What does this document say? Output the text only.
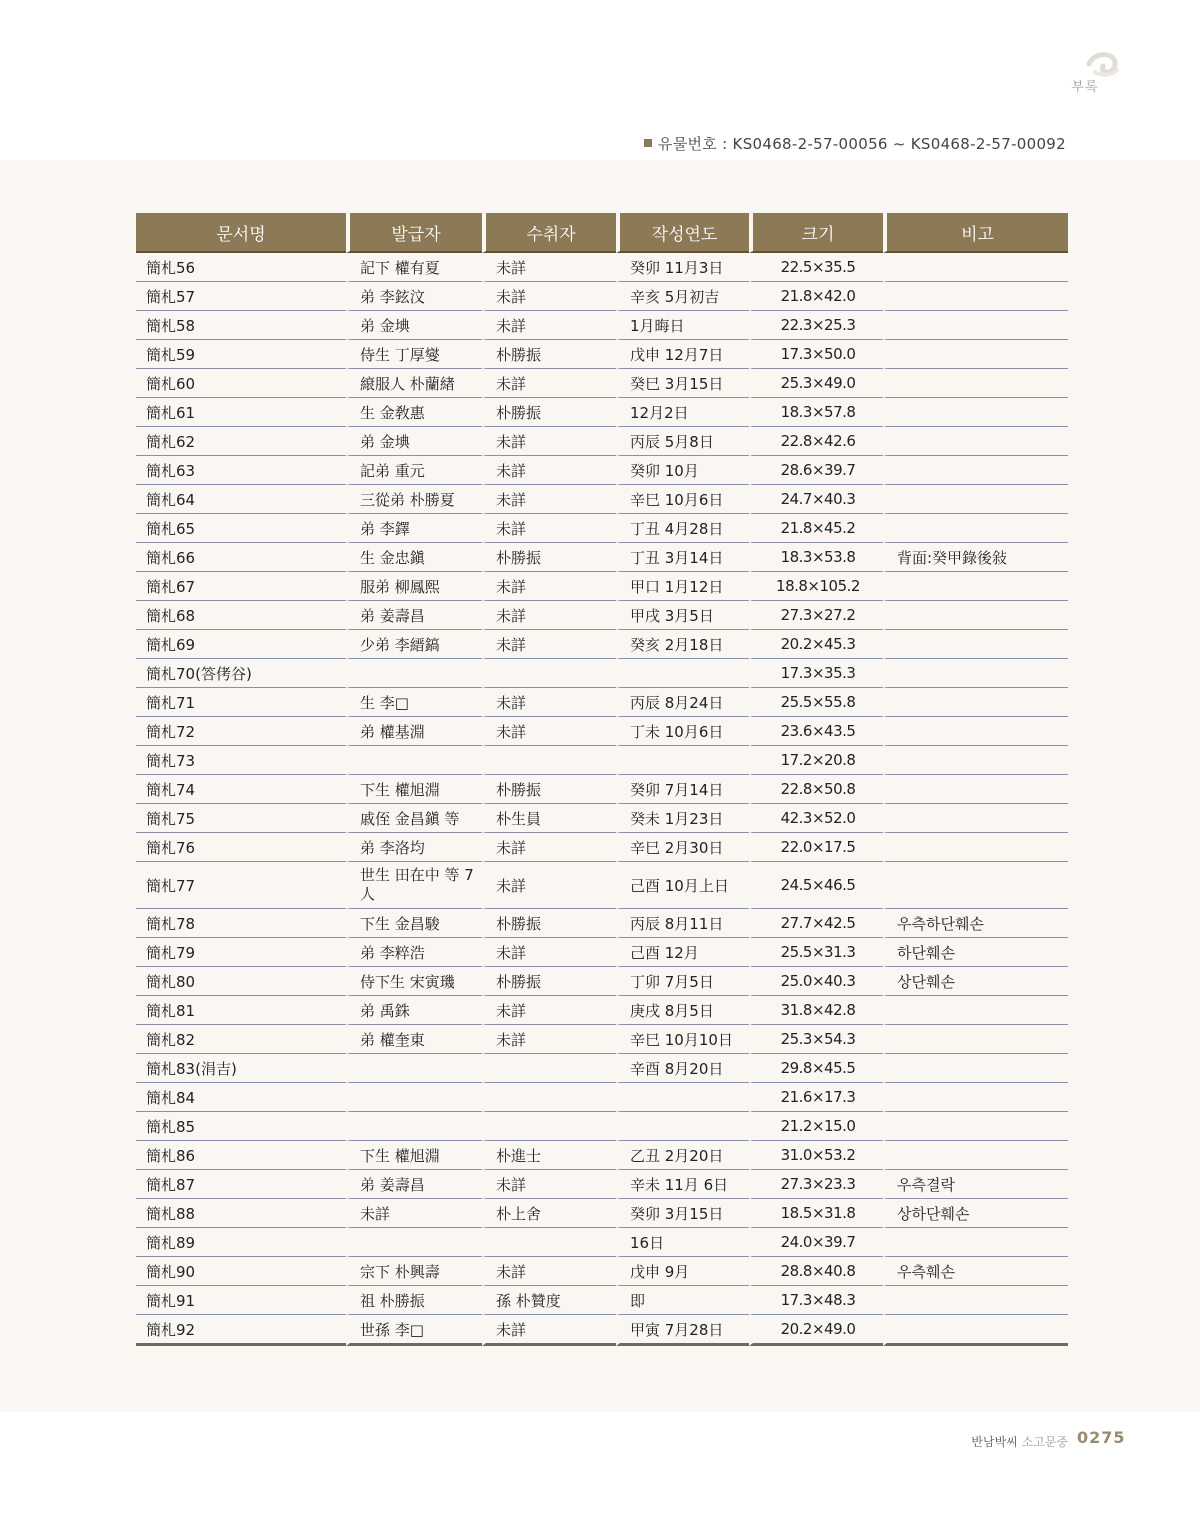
부록
유물번호 : KS0468-2-57-00056 ~ KS0468-2-57-00092
문서명	발급자	수취자	작성연도	크기	비고
簡札56	記下 權有夏	未詳	癸卯 11月3日	22.5×35.5	
簡札57	弟 李鉉汶	未詳	辛亥 5月初吉	21.8×42.0	
簡札58	弟 金㙉	未詳	1月晦日	22.3×25.3	
簡札59	侍生 丁厚燮	朴勝振	戊申 12月7日	17.3×50.0	
簡札60	縗服人 朴蘭緖	未詳	癸巳 3月15日	25.3×49.0	
簡札61	生 金敎惠	朴勝振	12月2日	18.3×57.8	
簡札62	弟 金㙉	未詳	丙辰 5月8日	22.8×42.6	
簡札63	記弟 重元	未詳	癸卯 10月	28.6×39.7	
簡札64	三從弟 朴勝夏	未詳	辛巳 10月6日	24.7×40.3	
簡札65	弟 李鐸	未詳	丁丑 4月28日	21.8×45.2	
簡札66	生 金忠鎭	朴勝振	丁丑 3月14日	18.3×53.8	背面:癸甲錄後敍
簡札67	服弟 柳鳳熙	未詳	甲口 1月12日	18.8×105.2	
簡札68	弟 姜壽昌	未詳	甲戌 3月5日	27.3×27.2	
簡札69	少弟 李縉鎬	未詳	癸亥 2月18日	20.2×45.3	
簡札70(答侤谷)				17.3×35.3	
簡札71	生 李□	未詳	丙辰 8月24日	25.5×55.8	
簡札72	弟 權基淵	未詳	丁未 10月6日	23.6×43.5	
簡札73				17.2×20.8	
簡札74	下生 權旭淵	朴勝振	癸卯 7月14日	22.8×50.8	
簡札75	戚侄 金昌鎭 等	朴生員	癸未 1月23日	42.3×52.0	
簡札76	弟 李洛均	未詳	辛巳 2月30日	22.0×17.5	
簡札77	世生 田在中 等 7人	未詳	己酉 10月上日	24.5×46.5	
簡札78	下生 金昌駿	朴勝振	丙辰 8月11日	27.7×42.5	우측하단훼손
簡札79	弟 李粹浩	未詳	己酉 12月	25.5×31.3	하단훼손
簡札80	侍下生 宋寅璣	朴勝振	丁卯 7月5日	25.0×40.3	상단훼손
簡札81	弟 禹銖	未詳	庚戌 8月5日	31.8×42.8	
簡札82	弟 權奎東	未詳	辛巳 10月10日	25.3×54.3	
簡札83(涓吉)			辛酉 8月20日	29.8×45.5	
簡札84				21.6×17.3	
簡札85				21.2×15.0	
簡札86	下生 權旭淵	朴進士	乙丑 2月20日	31.0×53.2	
簡札87	弟 姜壽昌	未詳	辛未 11月 6日	27.3×23.3	우측결락
簡札88	未詳	朴上舍	癸卯 3月15日	18.5×31.8	상하단훼손
簡札89			16日	24.0×39.7	
簡札90	宗下 朴興壽	未詳	戊申 9月	28.8×40.8	우측훼손
簡札91	祖 朴勝振	孫 朴贊度	即	17.3×48.3	
簡札92	世孫 李□	未詳	甲寅 7月28日	20.2×49.0	
반남박씨 소고문중 0275
